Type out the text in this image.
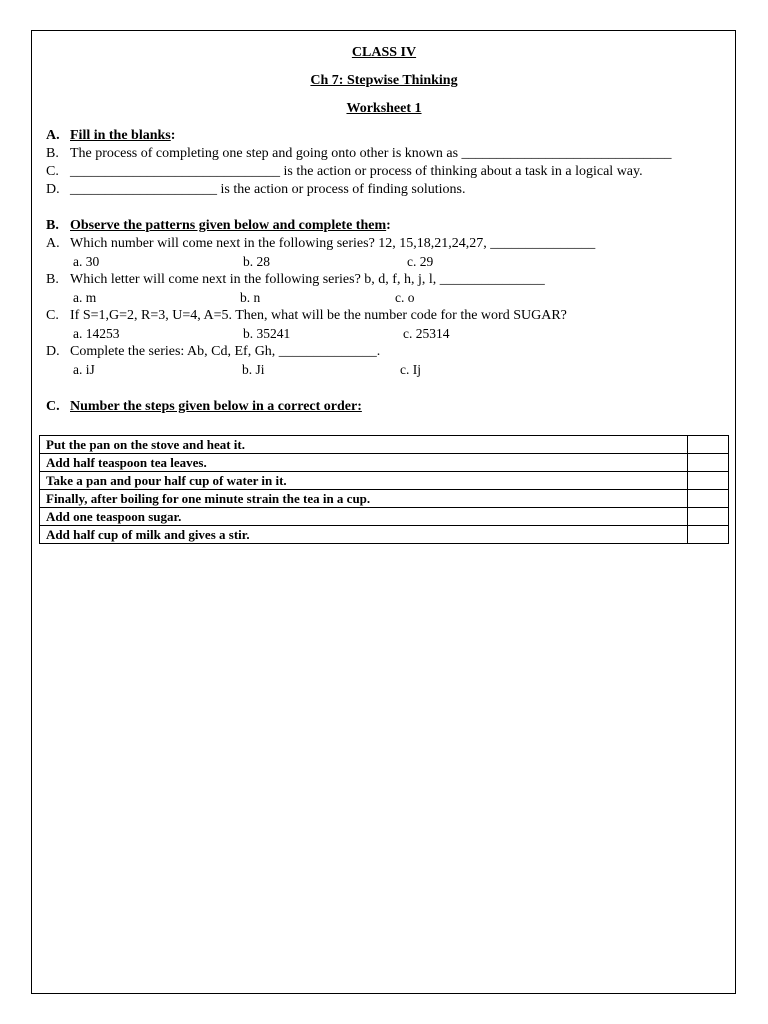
CLASS IV
Ch 7: Stepwise Thinking
Worksheet 1
A. Fill in the blanks:
B. The process of completing one step and going onto other is known as ______________________________
C. ______________________________ is the action or process of thinking about a task in a logical way.
D. _____________________ is the action or process of finding solutions.
B. Observe the patterns given below and complete them:
A. Which number will come next in the following series? 12, 15,18,21,24,27, _______________
a. 30	b. 28	c. 29
B. Which letter will come next in the following series? b, d, f, h, j, l, _______________
a. m	b. n	c. o
C. If S=1,G=2, R=3, U=4, A=5. Then, what will be the number code for the word SUGAR?
a. 14253	b. 35241	c. 25314
D. Complete the series: Ab, Cd, Ef, Gh, ______________.
a. iJ	b. Ji	c. Ij
C. Number the steps given below in a correct order:
Put the pan on the stove and heat it.	
Add half teaspoon tea leaves.	
Take a pan and pour half cup of water in it.	
Finally, after boiling for one minute strain the tea in a cup.	
Add one teaspoon sugar.	
Add half cup of milk and gives a stir.	
